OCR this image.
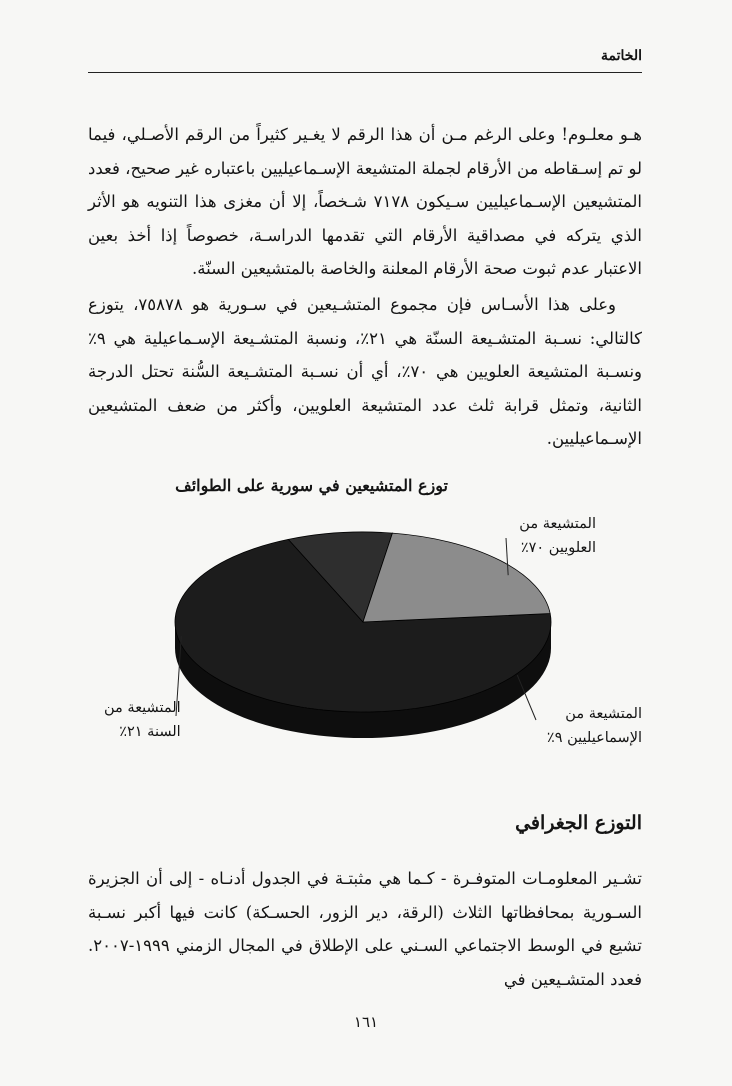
الخاتمة

هـو معلـوم! وعلى الرغم مـن أن هذا الرقم لا يغـير كثيراً من الرقم الأصـلي، فيما لو تم إسـقاطه من الأرقام لجملة المتشيعة الإسـماعيليين باعتباره غير صحيح، فعدد المتشيعين الإسـماعيليين سـيكون ٧١٧٨ شـخصاً، إلا أن مغزى هذا التنويه هو الأثر الذي يتركه في مصداقية الأرقام التي تقدمها الدراسـة، خصوصاً إذا أخذ بعين الاعتبار عدم ثبوت صحة الأرقام المعلنة والخاصة بالمتشيعين السنّة.

وعلى هذا الأسـاس فإن مجموع المتشـيعين في سـورية هو ٧٥٨٧٨، يتوزع كالتالي: نسـبة المتشـيعة السنّة هي ٢١٪، ونسبة المتشـيعة الإسـماعيلية هي ٩٪ ونسـبة المتشيعة العلويين هي ٧٠٪، أي أن نسـبة المتشـيعة السُّنة تحتل الدرجة الثانية، وتمثل قرابة ثلث عدد المتشيعة العلويين، وأكثر من ضعف المتشيعين الإسـماعيليين.

توزع المتشيعين في سورية على الطوائف
المتشيعة من
العلويين ٧٠٪
المتشيعة من
السنة ٢١٪
المتشيعة من
الإسماعيليين ٩٪
التوزع الجغرافي

تشـير المعلومـات المتوفـرة - كـما هي مثبتـة في الجدول أدنـاه - إلى أن الجزيرة السـورية بمحافظاتها الثلاث (الرقة، دير الزور، الحسـكة) كانت فيها أكبر نسـبة تشيع في الوسط الاجتماعي السـني على الإطلاق في المجال الزمني ١٩٩٩-٢٠٠٧. فعدد المتشـيعين في

١٦١
